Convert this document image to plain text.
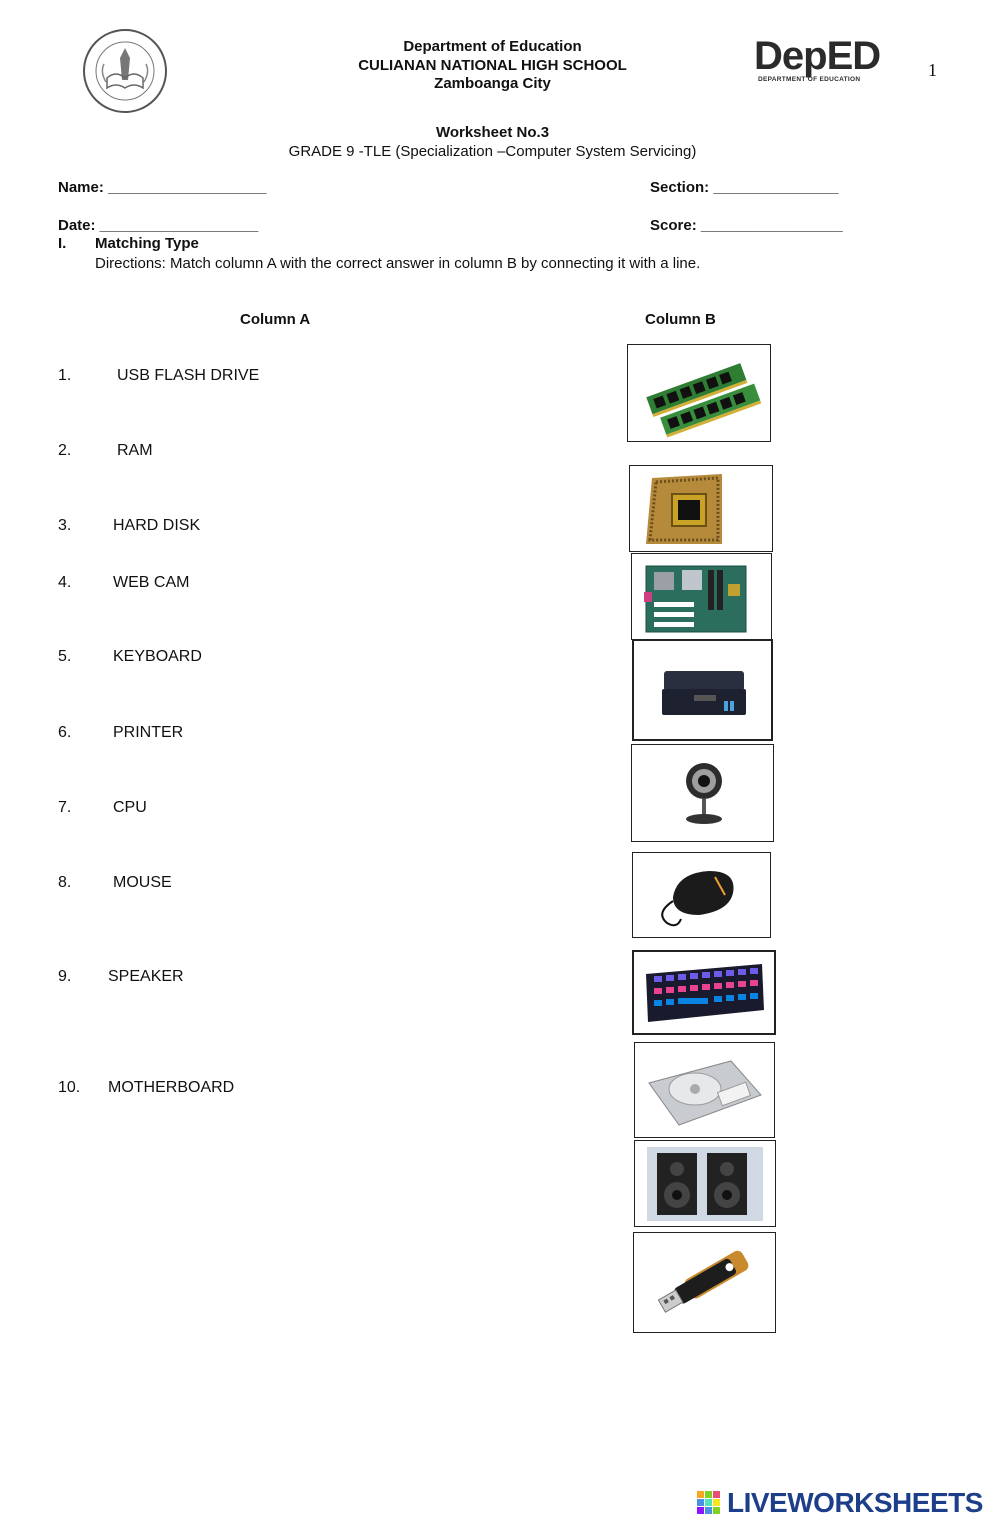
Department of Education
CULIANAN NATIONAL HIGH SCHOOL
Zamboanga City
DepED
DEPARTMENT OF EDUCATION	1
Worksheet No.3
GRADE 9 -TLE (Specialization –Computer System Servicing)
Name: ___________________	Section: _______________
Date: ___________________	Score: _________________
I. Matching Type
Directions: Match column A with the correct answer in column B by connecting it with a line.
Column A	Column B
1.	USB FLASH DRIVE
2.	RAM
3.	HARD DISK
4.	WEB CAM
5.	KEYBOARD
6.	PRINTER
7.	CPU
8.	MOUSE
9. SPEAKER
10. MOTHERBOARD
LIVEWORKSHEETS
